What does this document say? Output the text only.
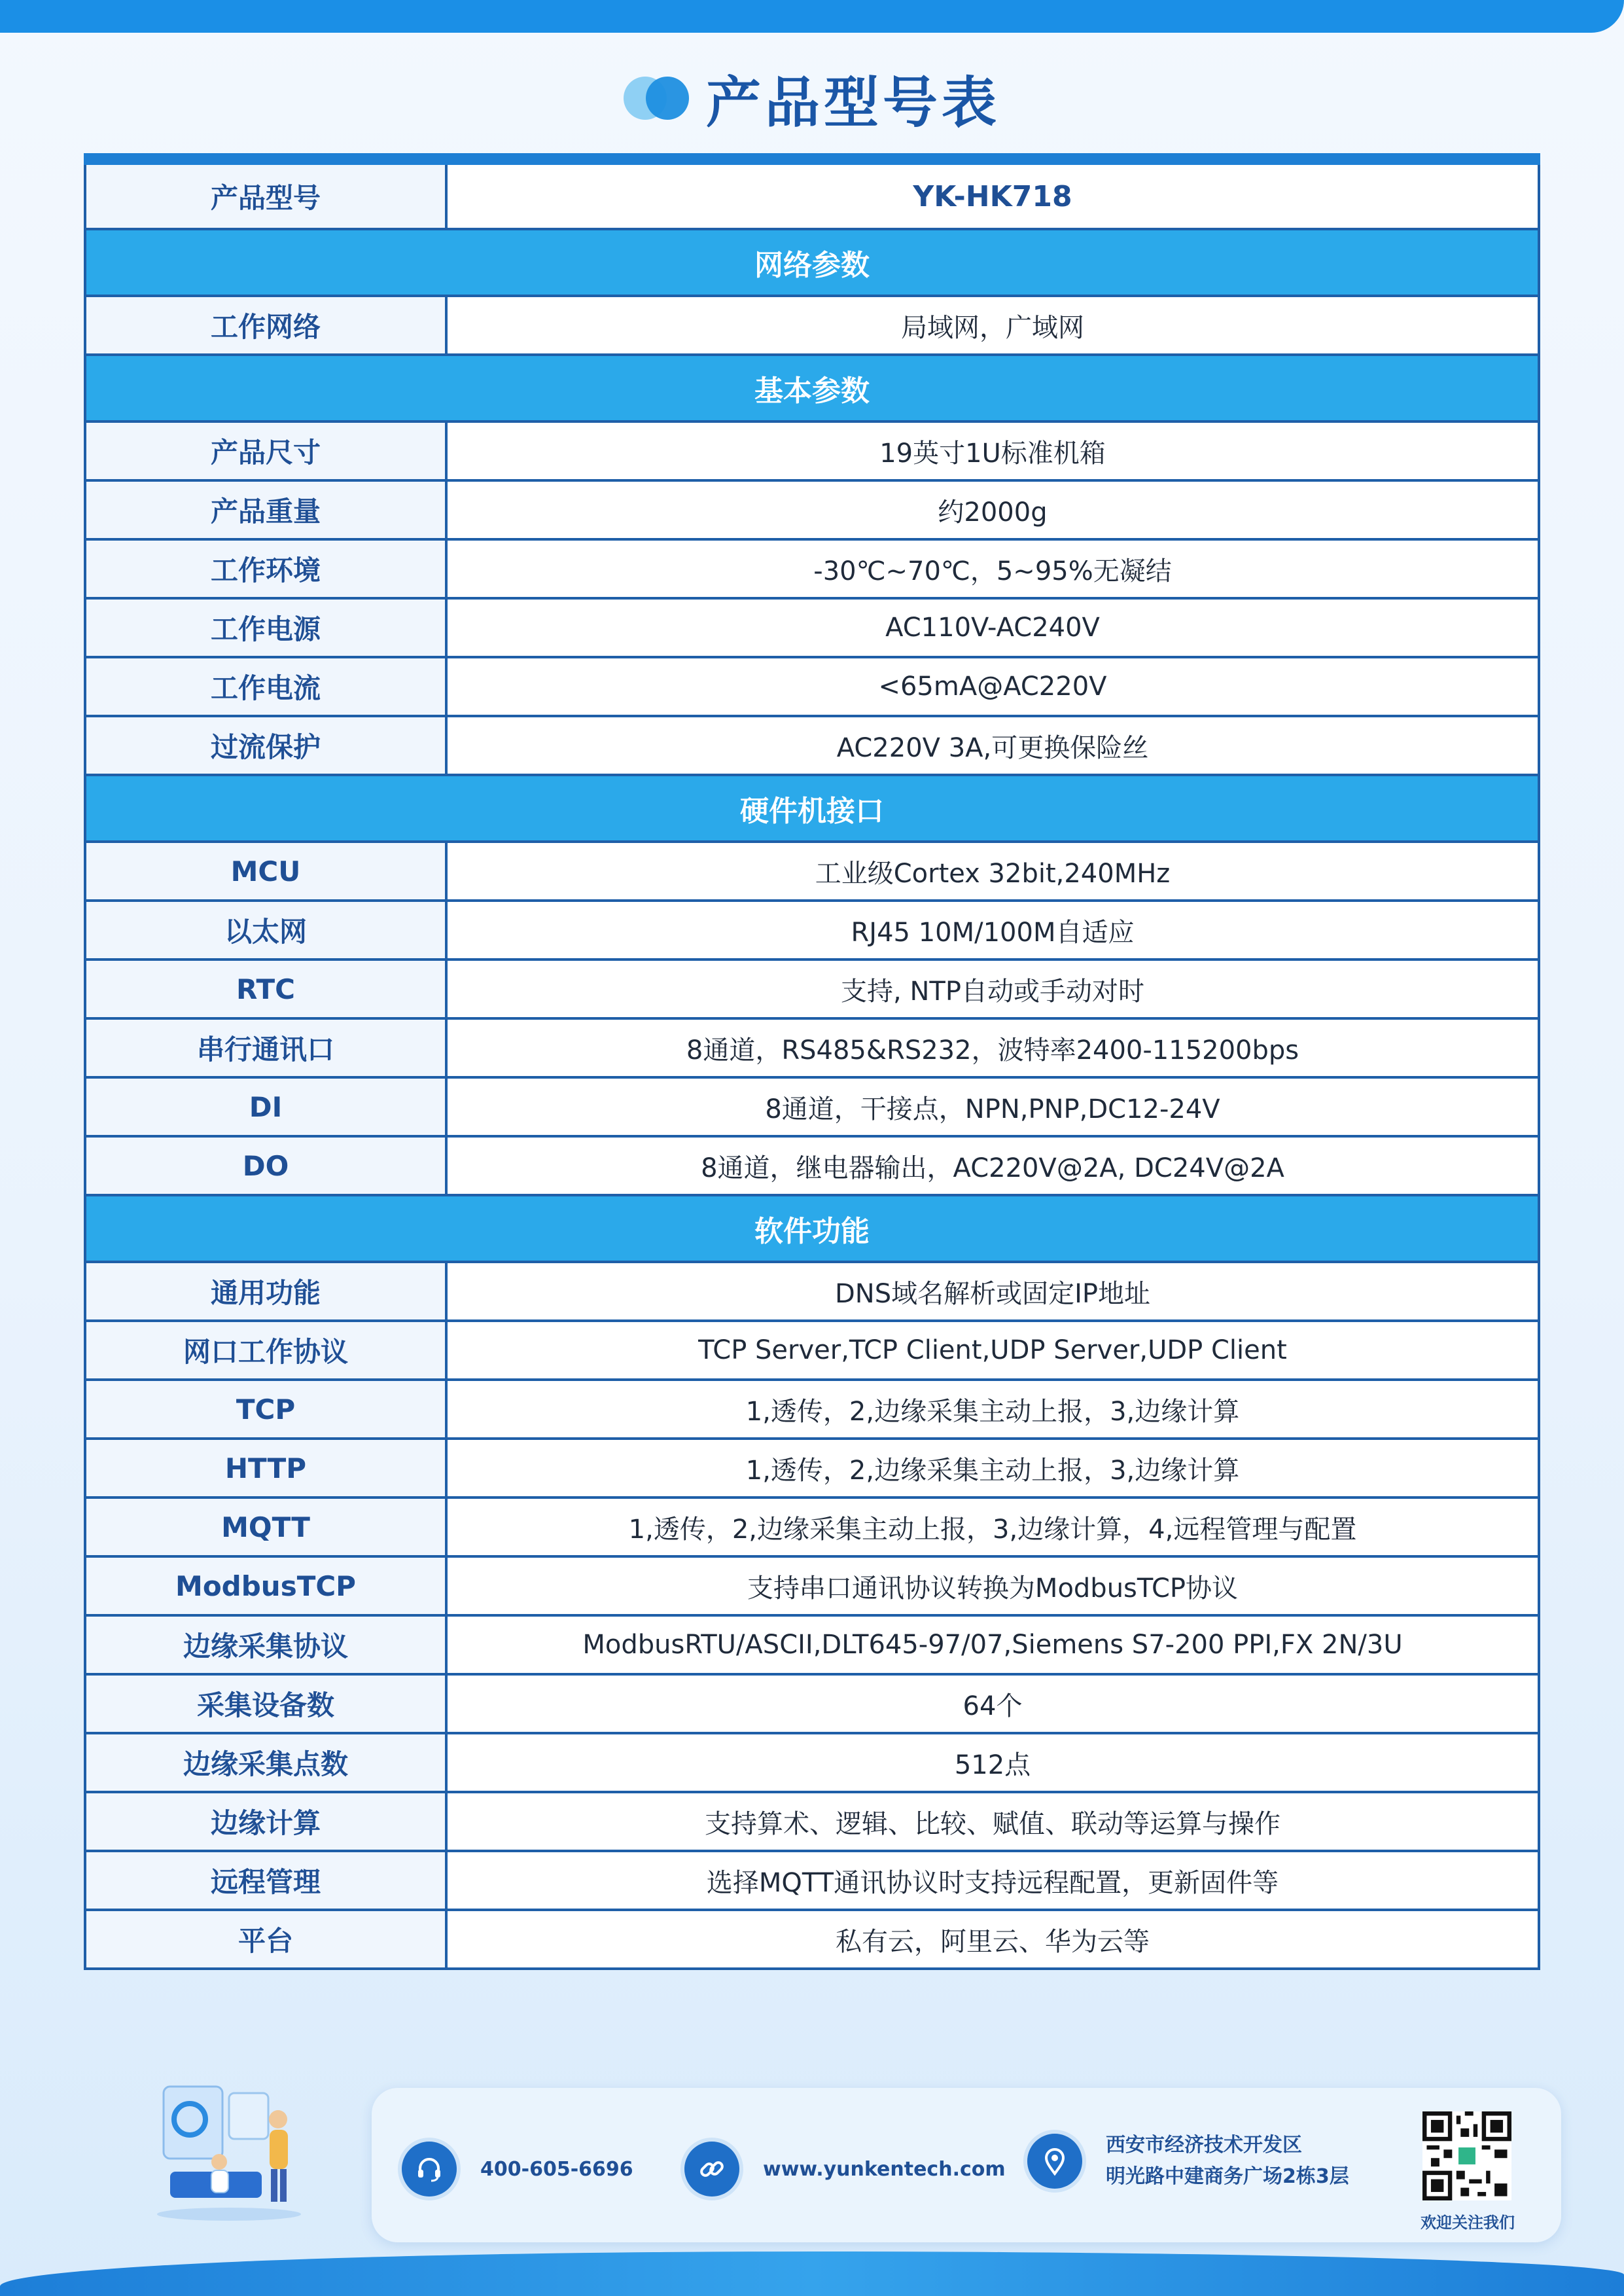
产品型号表
产品型号	YK-HK718
网络参数	
工作网络	局域网，广域网
基本参数	
产品尺寸	19英寸1U标准机箱
产品重量	约2000g
工作环境	-30℃~70℃，5~95%无凝结
工作电源	AC110V-AC240V
工作电流	<65mA@AC220V
过流保护	AC220V 3A,可更换保险丝
硬件机接口	
MCU	工业级Cortex 32bit,240MHz
以太网	RJ45 10M/100M自适应
RTC	支持, NTP自动或手动对时
串行通讯口	8通道，RS485&RS232，波特率2400-115200bps
DI	8通道，干接点，NPN,PNP,DC12-24V
DO	8通道，继电器输出，AC220V@2A, DC24V@2A
软件功能	
通用功能	DNS域名解析或固定IP地址
网口工作协议	TCP Server,TCP Client,UDP Server,UDP Client
TCP	1,透传，2,边缘采集主动上报，3,边缘计算
HTTP	1,透传，2,边缘采集主动上报，3,边缘计算
MQTT	1,透传，2,边缘采集主动上报，3,边缘计算，4,远程管理与配置
ModbusTCP	支持串口通讯协议转换为ModbusTCP协议
边缘采集协议	ModbusRTU/ASCII,DLT645-97/07,Siemens S7-200 PPI,FX 2N/3U
采集设备数	64个
边缘采集点数	512点
边缘计算	支持算术、逻辑、比较、赋值、联动等运算与操作
远程管理	选择MQTT通讯协议时支持远程配置，更新固件等
平台	私有云，阿里云、华为云等
400-605-6696	www.yunkentech.com
西安市经济技术开发区
明光路中建商务广场2栋3层
欢迎关注我们
